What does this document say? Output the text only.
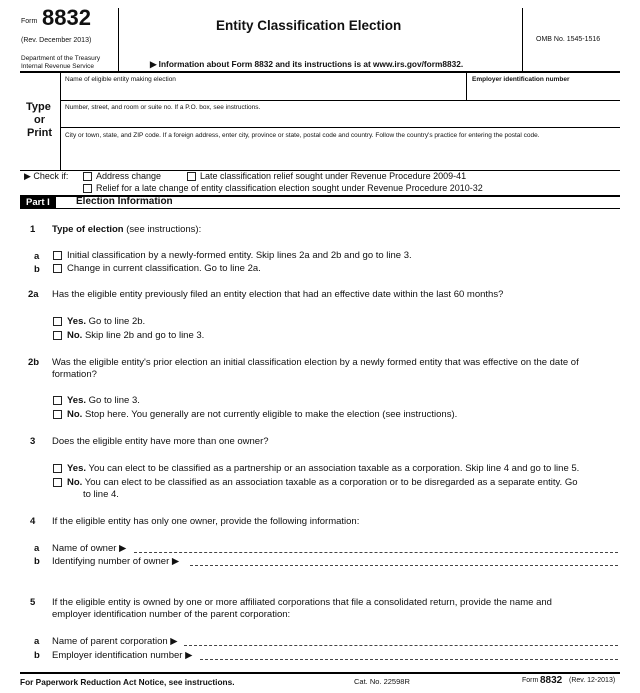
Form 8832
(Rev. December 2013)
Department of the Treasury
Internal Revenue Service
Entity Classification Election
▶ Information about Form 8832 and its instructions is at www.irs.gov/form8832.
OMB No. 1545-1516
Type
or
Print
Name of eligible entity making election	Employer identification number
Number, street, and room or suite no. If a P.O. box, see instructions.
City or town, state, and ZIP code. If a foreign address, enter city, province or state, postal code and country. Follow the country's practice for entering the postal code.
▶ Check if:	Address change	Late classification relief sought under Revenue Procedure 2009-41
Relief for a late change of entity classification election sought under Revenue Procedure 2010-32
Part I	Election Information
1 Type of election (see instructions):
a	Initial classification by a newly-formed entity. Skip lines 2a and 2b and go to line 3.
b	Change in current classification. Go to line 2a.
2a Has the eligible entity previously filed an entity election that had an effective date within the last 60 months?
Yes. Go to line 2b.
No. Skip line 2b and go to line 3.
2b Was the eligible entity's prior election an initial classification election by a newly formed entity that was effective on the date of
formation?
Yes. Go to line 3.
No. Stop here. You generally are not currently eligible to make the election (see instructions).
3 Does the eligible entity have more than one owner?
Yes. You can elect to be classified as a partnership or an association taxable as a corporation. Skip line 4 and go to line 5.
No. You can elect to be classified as an association taxable as a corporation or to be disregarded as a separate entity. Go
to line 4.
4 If the eligible entity has only one owner, provide the following information:
a Name of owner ▶
b Identifying number of owner ▶
5 If the eligible entity is owned by one or more affiliated corporations that file a consolidated return, provide the name and
employer identification number of the parent corporation:
a Name of parent corporation ▶
b Employer identification number ▶
For Paperwork Reduction Act Notice, see instructions.	Cat. No. 22598R	Form 8832 (Rev. 12-2013)
